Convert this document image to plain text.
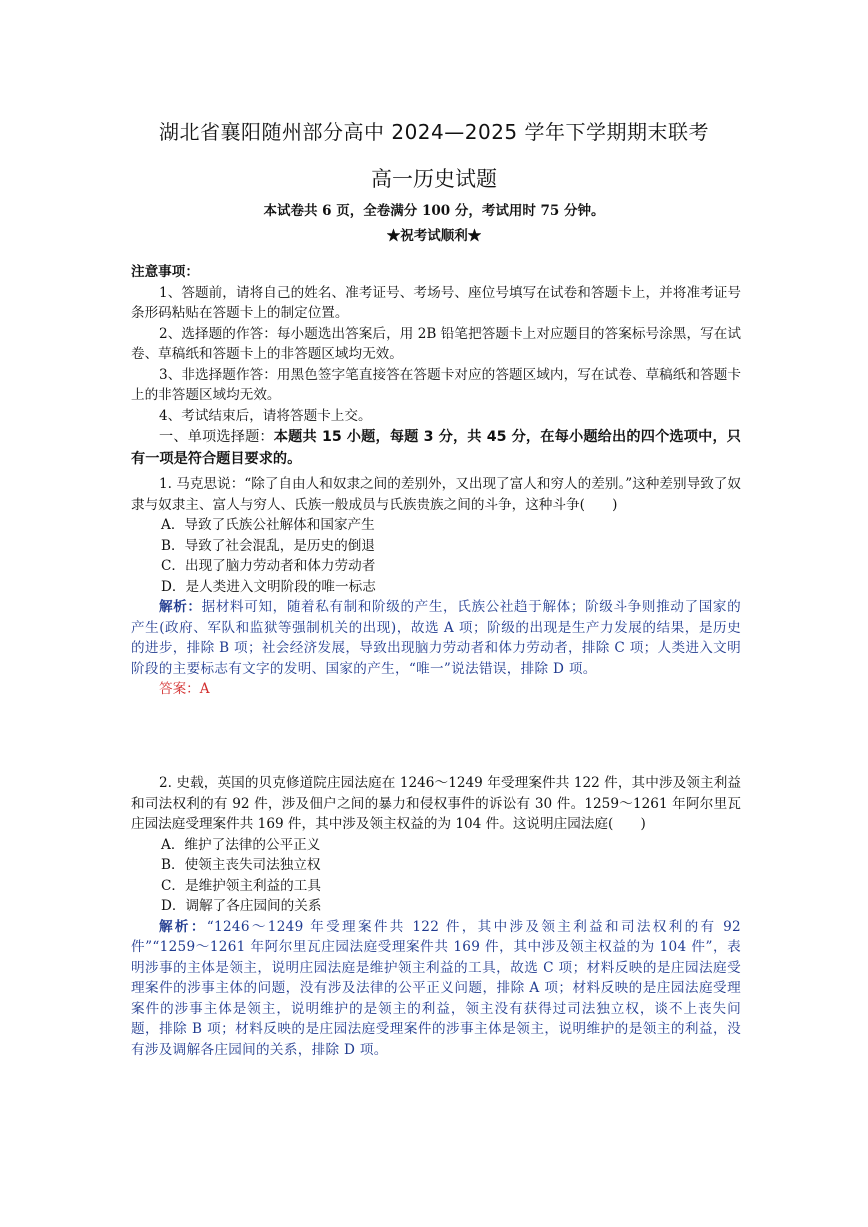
湖北省襄阳随州部分高中 2024—2025 学年下学期期末联考
高一历史试题
本试卷共 6 页，全卷满分 100 分，考试用时 75 分钟。
★祝考试顺利★

注意事项：

1、答题前，请将自己的姓名、准考证号、考场号、座位号填写在试卷和答题卡上，并将准考证号条形码粘贴在答题卡上的制定位置。

2、选择题的作答：每小题选出答案后，用 2B 铅笔把答题卡上对应题目的答案标号涂黑，写在试卷、草稿纸和答题卡上的非答题区域均无效。

3、非选择题作答：用黑色签字笔直接答在答题卡对应的答题区域内，写在试卷、草稿纸和答题卡上的非答题区域均无效。

4、考试结束后，请将答题卡上交。

一、单项选择题：本题共 15 小题，每题 3 分，共 45 分，在每小题给出的四个选项中，只有一项是符合题目要求的。

1. 马克思说：“除了自由人和奴隶之间的差别外，又出现了富人和穷人的差别。”这种差别导致了奴隶与奴隶主、富人与穷人、氏族一般成员与氏族贵族之间的斗争，这种斗争(　　)

A．导致了氏族公社解体和国家产生

B．导致了社会混乱，是历史的倒退

C．出现了脑力劳动者和体力劳动者

D．是人类进入文明阶段的唯一标志

解析：据材料可知，随着私有制和阶级的产生，氏族公社趋于解体；阶级斗争则推动了国家的产生(政府、军队和监狱等强制机关的出现)，故选 A 项；阶级的出现是生产力发展的结果，是历史的进步，排除 B 项；社会经济发展，导致出现脑力劳动者和体力劳动者，排除 C 项；人类进入文明阶段的主要标志有文字的发明、国家的产生，“唯一”说法错误，排除 D 项。

答案：A

2. 史载，英国的贝克修道院庄园法庭在 1246～1249 年受理案件共 122 件，其中涉及领主利益和司法权利的有 92 件，涉及佃户之间的暴力和侵权事件的诉讼有 30 件。1259～1261 年阿尔里瓦庄园法庭受理案件共 169 件，其中涉及领主权益的为 104 件。这说明庄园法庭(　　)

A．维护了法律的公平正义

B．使领主丧失司法独立权

C．是维护领主利益的工具

D．调解了各庄园间的关系

解析：“1246～1249 年受理案件共 122 件，其中涉及领主利益和司法权利的有 92 件”“1259～1261 年阿尔里瓦庄园法庭受理案件共 169 件，其中涉及领主权益的为 104 件”，表明涉事的主体是领主，说明庄园法庭是维护领主利益的工具，故选 C 项；材料反映的是庄园法庭受理案件的涉事主体的问题，没有涉及法律的公平正义问题，排除 A 项；材料反映的是庄园法庭受理案件的涉事主体是领主，说明维护的是领主的利益，领主没有获得过司法独立权，谈不上丧失问题，排除 B 项；材料反映的是庄园法庭受理案件的涉事主体是领主，说明维护的是领主的利益，没有涉及调解各庄园间的关系，排除 D 项。
